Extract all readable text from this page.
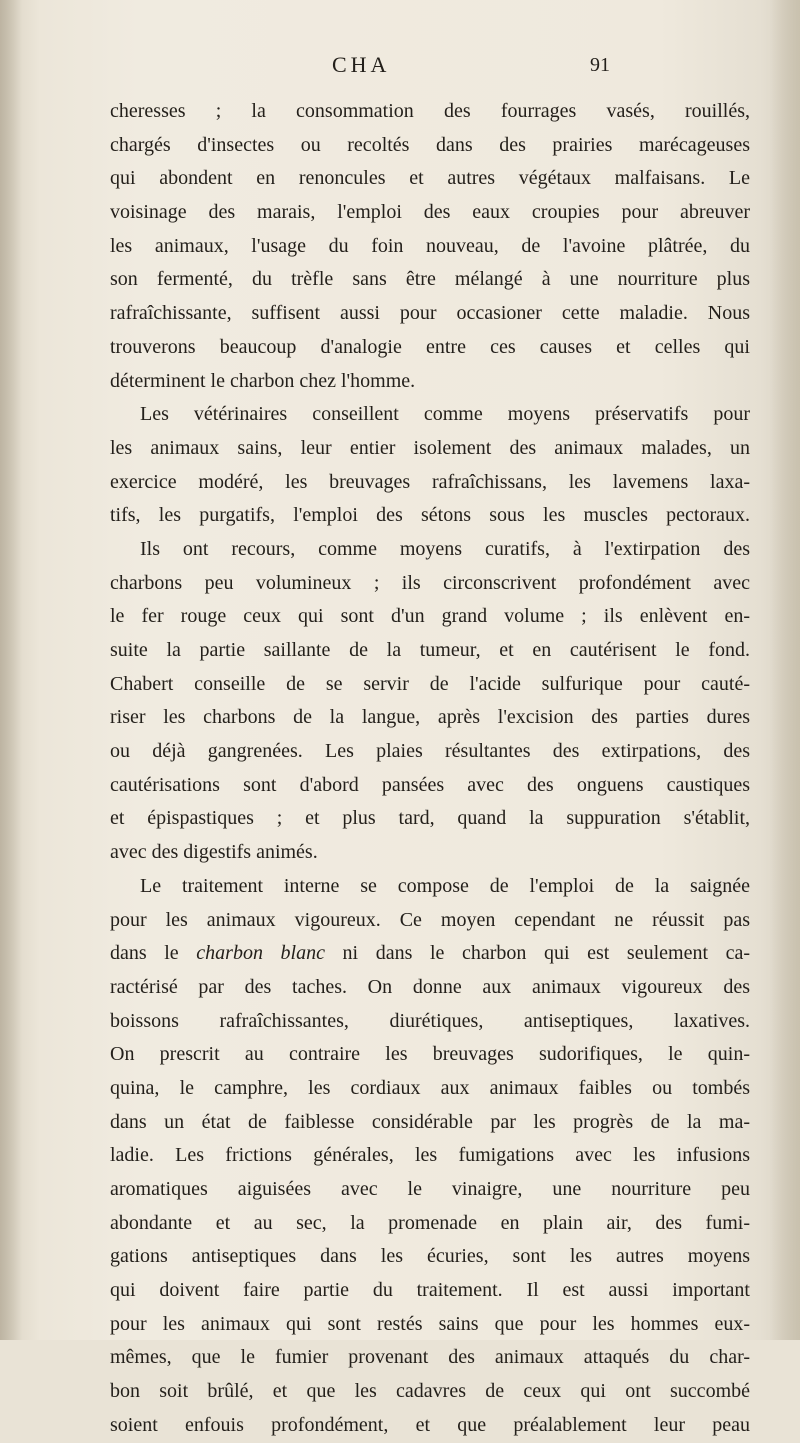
CHA	91
cheresses ; la consommation des fourrages vasés, rouillés,
chargés d'insectes ou recoltés dans des prairies marécageuses
qui abondent en renoncules et autres végétaux malfaisans. Le
voisinage des marais, l'emploi des eaux croupies pour abreuver
les animaux, l'usage du foin nouveau, de l'avoine plâtrée, du
son fermenté, du trèfle sans être mélangé à une nourriture plus
rafraîchissante, suffisent aussi pour occasioner cette maladie. Nous
trouverons beaucoup d'analogie entre ces causes et celles qui
déterminent le charbon chez l'homme.
Les vétérinaires conseillent comme moyens préservatifs pour
les animaux sains, leur entier isolement des animaux malades, un
exercice modéré, les breuvages rafraîchissans, les lavemens laxa-
tifs, les purgatifs, l'emploi des sétons sous les muscles pectoraux.
Ils ont recours, comme moyens curatifs, à l'extirpation des
charbons peu volumineux ; ils circonscrivent profondément avec
le fer rouge ceux qui sont d'un grand volume ; ils enlèvent en-
suite la partie saillante de la tumeur, et en cautérisent le fond.
Chabert conseille de se servir de l'acide sulfurique pour cauté-
riser les charbons de la langue, après l'excision des parties dures
ou déjà gangrenées. Les plaies résultantes des extirpations, des
cautérisations sont d'abord pansées avec des onguens caustiques
et épispastiques ; et plus tard, quand la suppuration s'établit,
avec des digestifs animés.
Le traitement interne se compose de l'emploi de la saignée
pour les animaux vigoureux. Ce moyen cependant ne réussit pas
dans le charbon blanc ni dans le charbon qui est seulement ca-
ractérisé par des taches. On donne aux animaux vigoureux des
boissons rafraîchissantes, diurétiques, antiseptiques, laxatives.
On prescrit au contraire les breuvages sudorifiques, le quin-
quina, le camphre, les cordiaux aux animaux faibles ou tombés
dans un état de faiblesse considérable par les progrès de la ma-
ladie. Les frictions générales, les fumigations avec les infusions
aromatiques aiguisées avec le vinaigre, une nourriture peu
abondante et au sec, la promenade en plain air, des fumi-
gations antiseptiques dans les écuries, sont les autres moyens
qui doivent faire partie du traitement. Il est aussi important
pour les animaux qui sont restés sains que pour les hommes eux-
mêmes, que le fumier provenant des animaux attaqués du char-
bon soit brûlé, et que les cadavres de ceux qui ont succombé
soient enfouis profondément, et que préalablement leur peau
